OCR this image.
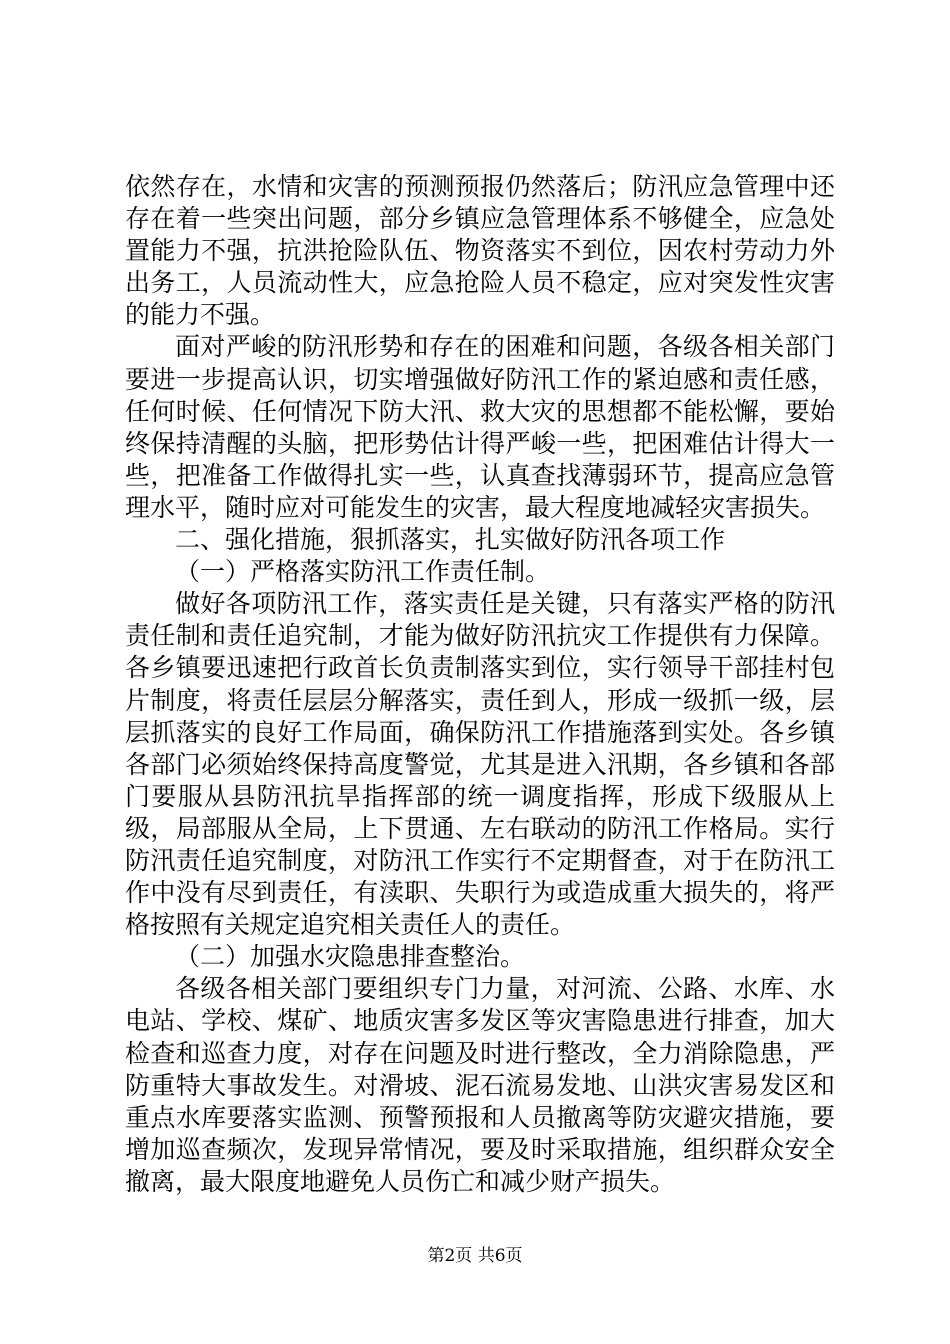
依然存在，水情和灾害的预测预报仍然落后；防汛应急管理中还存在着一些突出问题，部分乡镇应急管理体系不够健全，应急处置能力不强，抗洪抢险队伍、物资落实不到位，因农村劳动力外出务工，人员流动性大，应急抢险人员不稳定，应对突发性灾害的能力不强。

面对严峻的防汛形势和存在的困难和问题，各级各相关部门要进一步提高认识，切实增强做好防汛工作的紧迫感和责任感，任何时候、任何情况下防大汛、救大灾的思想都不能松懈，要始终保持清醒的头脑，把形势估计得严峻一些，把困难估计得大一些，把准备工作做得扎实一些，认真查找薄弱环节，提高应急管理水平，随时应对可能发生的灾害，最大程度地减轻灾害损失。

二、强化措施，狠抓落实，扎实做好防汛各项工作

（一）严格落实防汛工作责任制。

做好各项防汛工作，落实责任是关键，只有落实严格的防汛责任制和责任追究制，才能为做好防汛抗灾工作提供有力保障。各乡镇要迅速把行政首长负责制落实到位，实行领导干部挂村包片制度，将责任层层分解落实，责任到人，形成一级抓一级，层层抓落实的良好工作局面，确保防汛工作措施落到实处。各乡镇各部门必须始终保持高度警觉，尤其是进入汛期，各乡镇和各部门要服从县防汛抗旱指挥部的统一调度指挥，形成下级服从上级，局部服从全局，上下贯通、左右联动的防汛工作格局。实行防汛责任追究制度，对防汛工作实行不定期督查，对于在防汛工作中没有尽到责任，有渎职、失职行为或造成重大损失的，将严格按照有关规定追究相关责任人的责任。

（二）加强水灾隐患排查整治。

各级各相关部门要组织专门力量，对河流、公路、水库、水电站、学校、煤矿、地质灾害多发区等灾害隐患进行排查，加大检查和巡查力度，对存在问题及时进行整改，全力消除隐患，严防重特大事故发生。对滑坡、泥石流易发地、山洪灾害易发区和重点水库要落实监测、预警预报和人员撤离等防灾避灾措施，要增加巡查频次，发现异常情况，要及时采取措施，组织群众安全撤离，最大限度地避免人员伤亡和减少财产损失。

第2页 共6页
